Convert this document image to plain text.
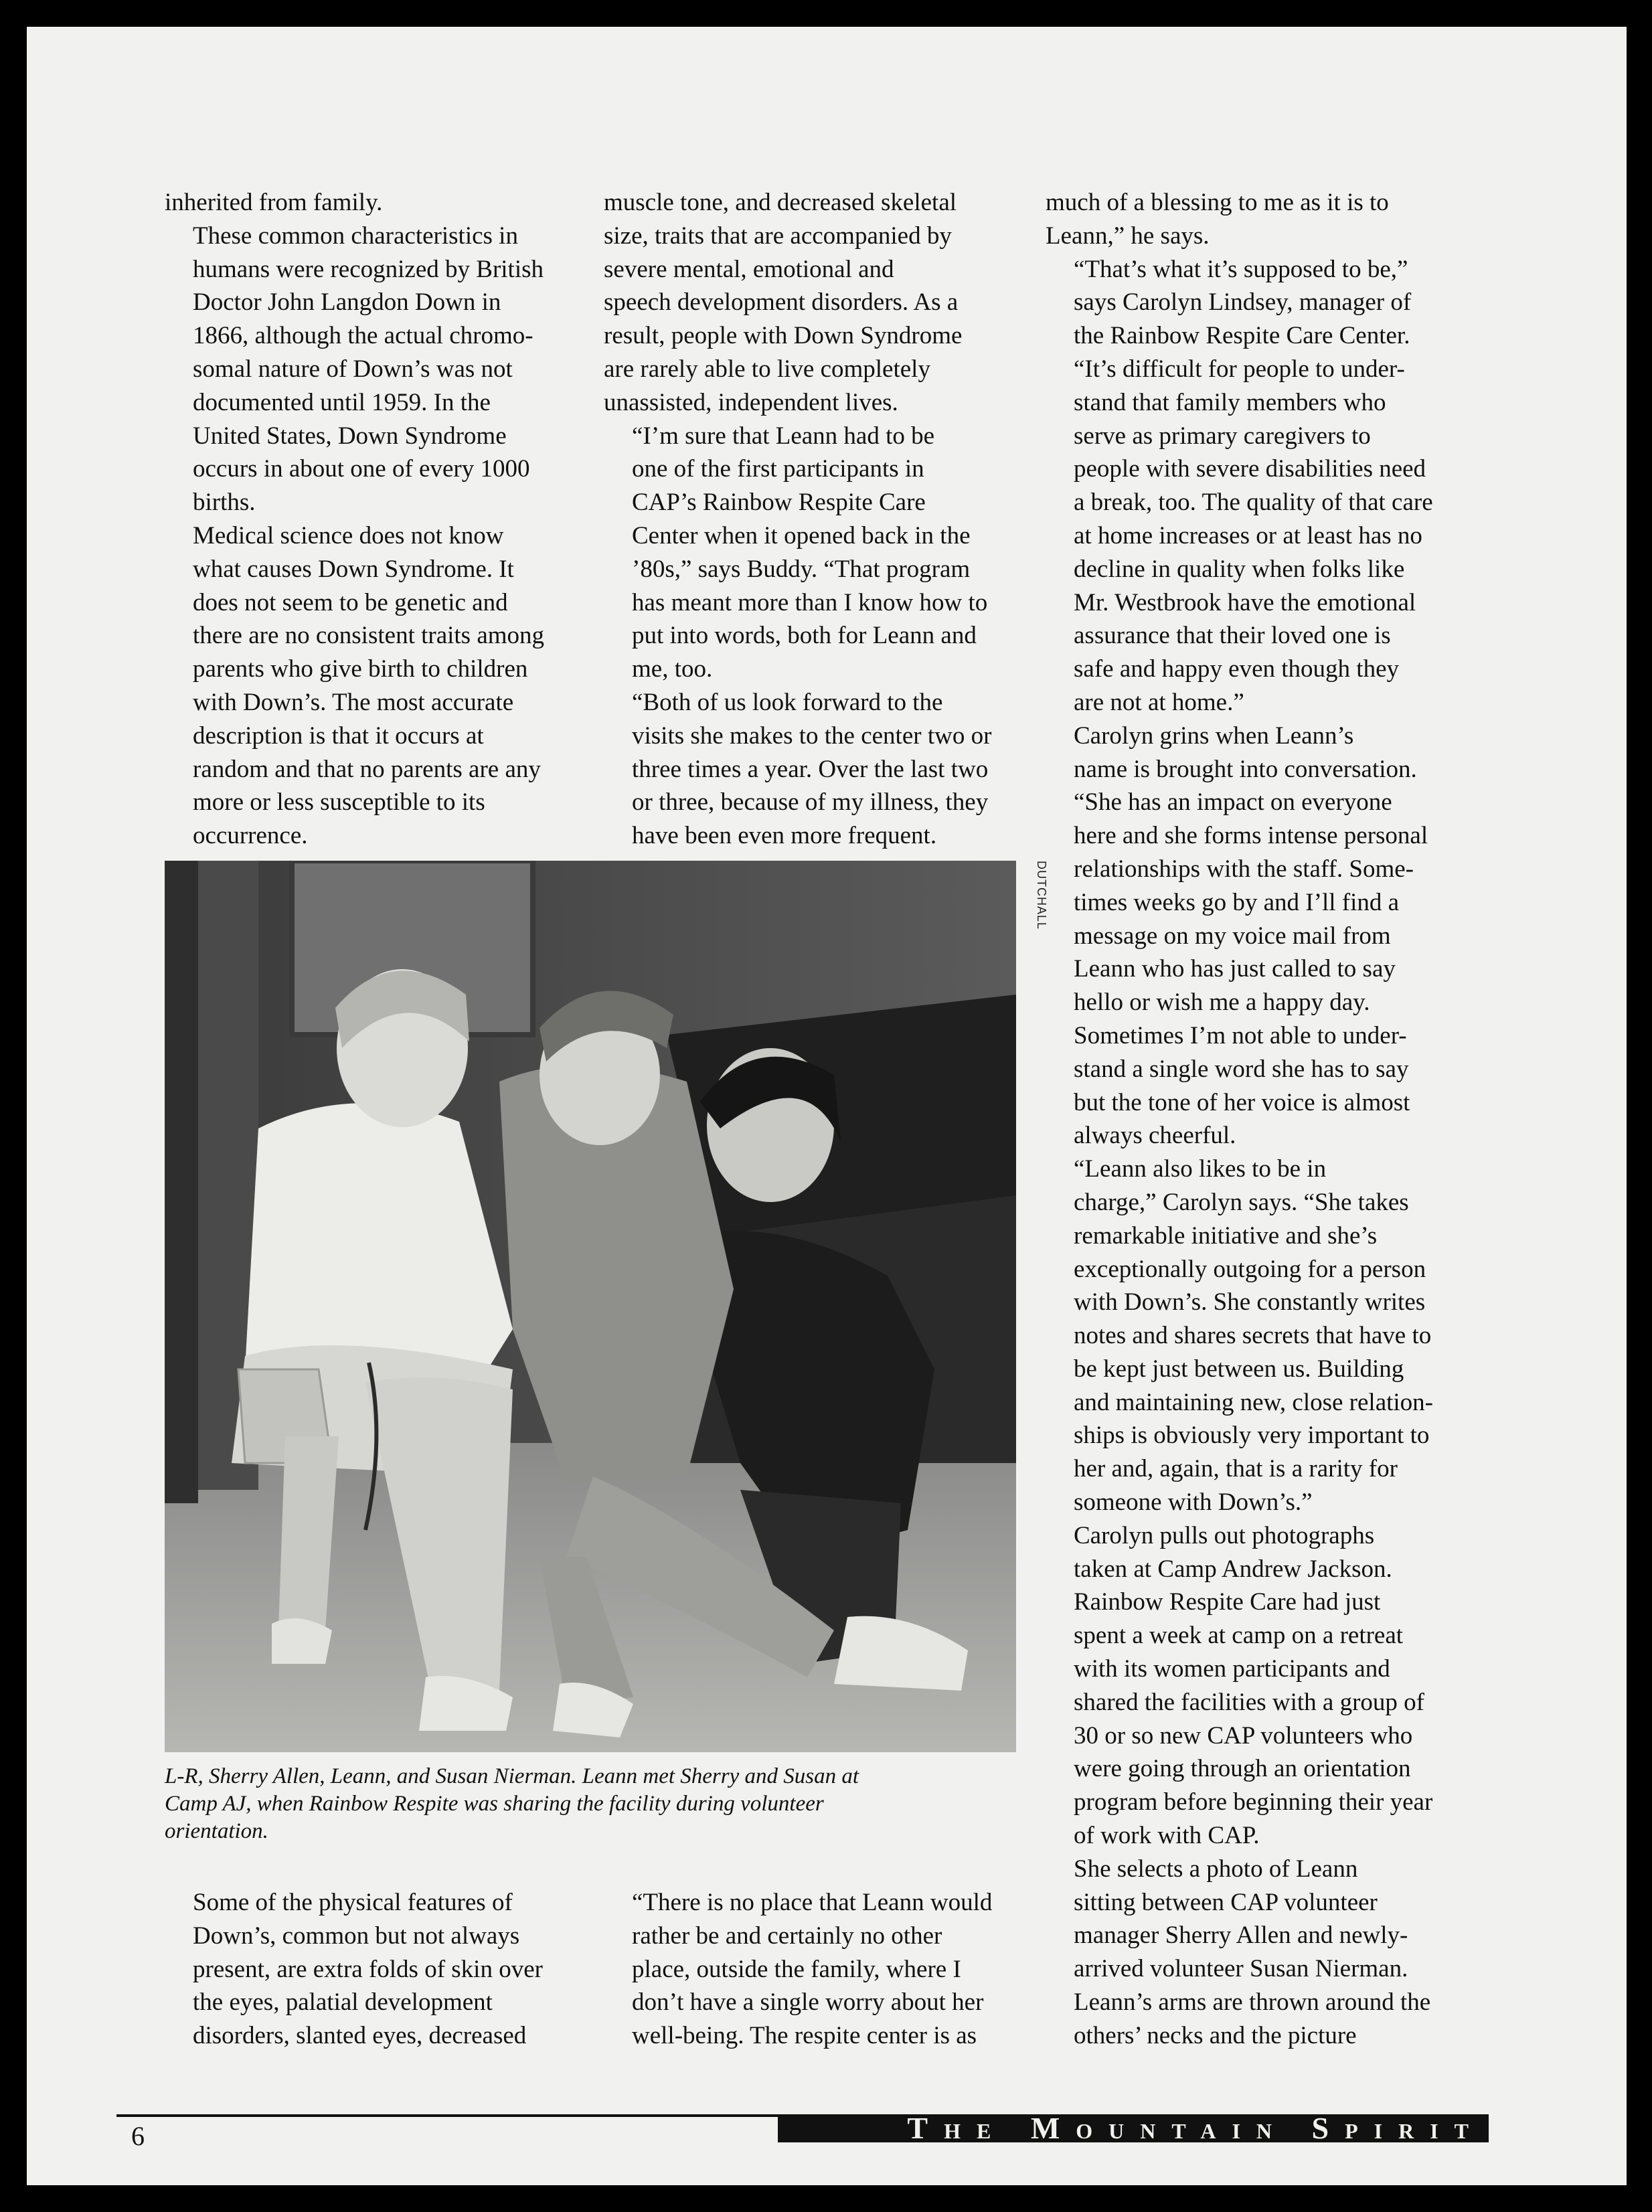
inherited from family.

These common characteristics in
humans were recognized by British
Doctor John Langdon Down in
1866, although the actual chromo-
somal nature of Down’s was not
documented until 1959. In the
United States, Down Syndrome
occurs in about one of every 1000
births.

Medical science does not know
what causes Down Syndrome. It
does not seem to be genetic and
there are no consistent traits among
parents who give birth to children
with Down’s. The most accurate
description is that it occurs at
random and that no parents are any
more or less susceptible to its
occurrence.

muscle tone, and decreased skeletal
size, traits that are accompanied by
severe mental, emotional and
speech development disorders. As a
result, people with Down Syndrome
are rarely able to live completely
unassisted, independent lives.

“I’m sure that Leann had to be
one of the first participants in
CAP’s Rainbow Respite Care
Center when it opened back in the
’80s,” says Buddy. “That program
has meant more than I know how to
put into words, both for Leann and
me, too.

“Both of us look forward to the
visits she makes to the center two or
three times a year. Over the last two
or three, because of my illness, they
have been even more frequent.

much of a blessing to me as it is to
Leann,” he says.

“That’s what it’s supposed to be,”
says Carolyn Lindsey, manager of
the Rainbow Respite Care Center.
“It’s difficult for people to under-
stand that family members who
serve as primary caregivers to
people with severe disabilities need
a break, too. The quality of that care
at home increases or at least has no
decline in quality when folks like
Mr. Westbrook have the emotional
assurance that their loved one is
safe and happy even though they
are not at home.”

Carolyn grins when Leann’s
name is brought into conversation.

“She has an impact on everyone
here and she forms intense personal
relationships with the staff. Some-
times weeks go by and I’ll find a
message on my voice mail from
Leann who has just called to say
hello or wish me a happy day.
Sometimes I’m not able to under-
stand a single word she has to say
but the tone of her voice is almost
always cheerful.

“Leann also likes to be in
charge,” Carolyn says. “She takes
remarkable initiative and she’s
exceptionally outgoing for a person
with Down’s. She constantly writes
notes and shares secrets that have to
be kept just between us. Building
and maintaining new, close relation-
ships is obviously very important to
her and, again, that is a rarity for
someone with Down’s.”

Carolyn pulls out photographs
taken at Camp Andrew Jackson.
Rainbow Respite Care had just
spent a week at camp on a retreat
with its women participants and
shared the facilities with a group of
30 or so new CAP volunteers who
were going through an orientation
program before beginning their year
of work with CAP.

She selects a photo of Leann
sitting between CAP volunteer
manager Sherry Allen and newly-
arrived volunteer Susan Nierman.
Leann’s arms are thrown around the
others’ necks and the picture

DUTCHALL
L-R, Sherry Allen, Leann, and Susan Nierman. Leann met Sherry and Susan at
Camp AJ, when Rainbow Respite was sharing the facility during volunteer
orientation.

Some of the physical features of
Down’s, common but not always
present, are extra folds of skin over
the eyes, palatial development
disorders, slanted eyes, decreased

“There is no place that Leann would
rather be and certainly no other
place, outside the family, where I
don’t have a single worry about her
well-being. The respite center is as

6	The Mountain Spirit
